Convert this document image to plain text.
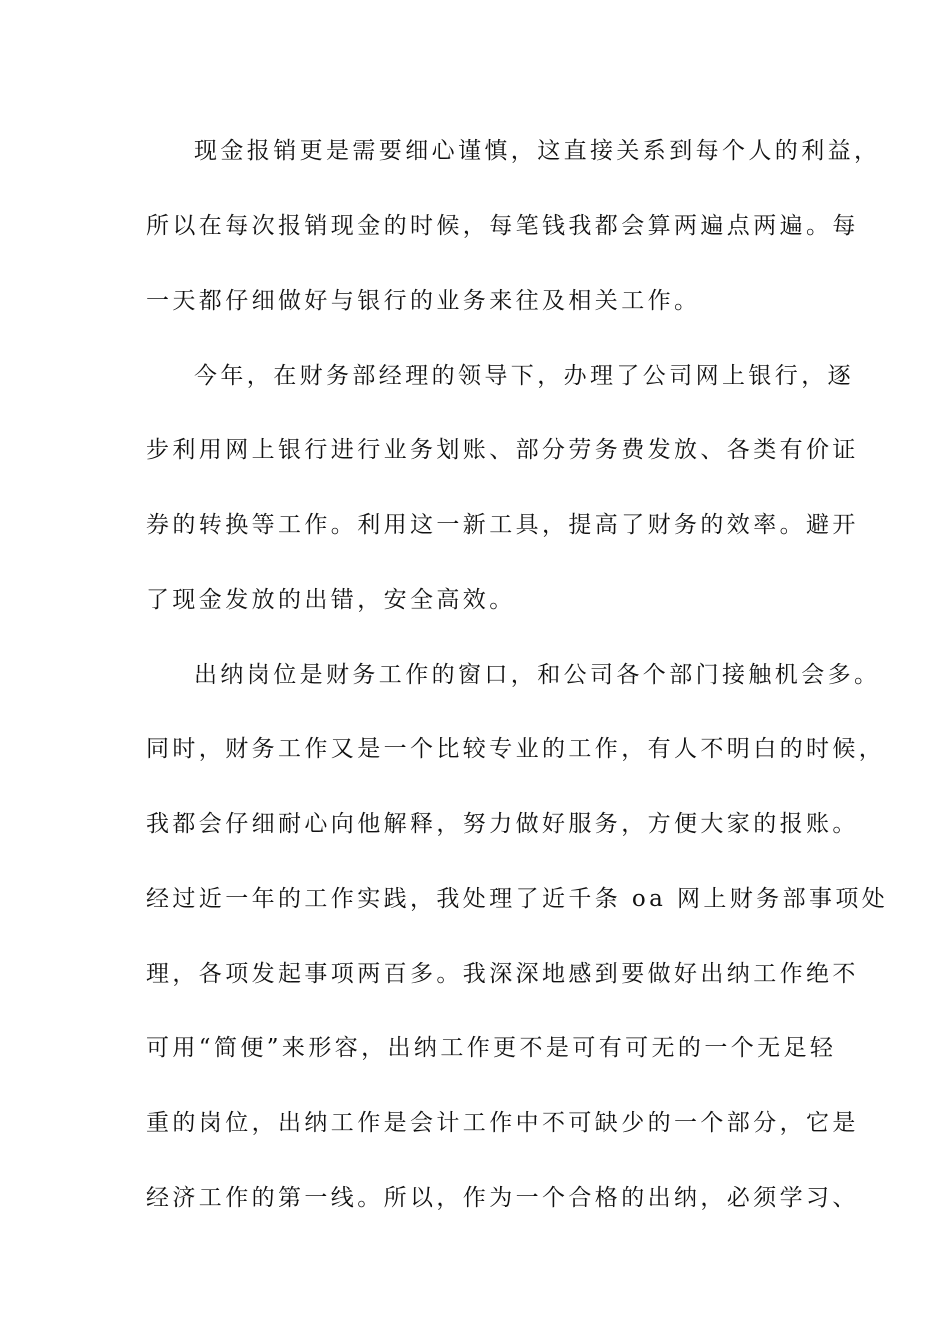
现金报销更是需要细心谨慎，这直接关系到每个人的利益，
所以在每次报销现金的时候，每笔钱我都会算两遍点两遍。每
一天都仔细做好与银行的业务来往及相关工作。
今年，在财务部经理的领导下，办理了公司网上银行，逐
步利用网上银行进行业务划账、部分劳务费发放、各类有价证
券的转换等工作。利用这一新工具，提高了财务的效率。避开
了现金发放的出错，安全高效。
出纳岗位是财务工作的窗口，和公司各个部门接触机会多。
同时，财务工作又是一个比较专业的工作，有人不明白的时候，
我都会仔细耐心向他解释，努力做好服务，方便大家的报账。
经过近一年的工作实践，我处理了近千条 oa 网上财务部事项处
理，各项发起事项两百多。我深深地感到要做好出纳工作绝不
可用“简便”来形容，出纳工作更不是可有可无的一个无足轻
重的岗位，出纳工作是会计工作中不可缺少的一个部分，它是
经济工作的第一线。所以，作为一个合格的出纳，必须学习、
